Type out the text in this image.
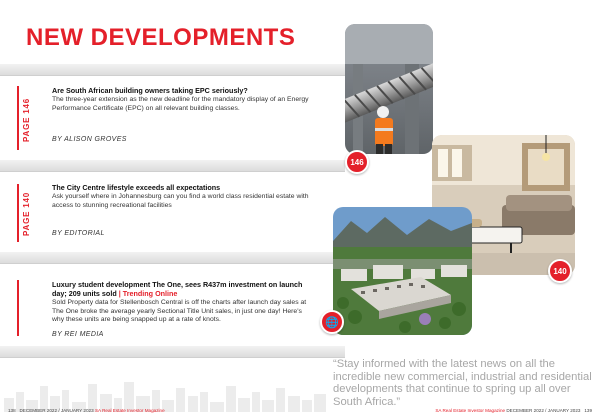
NEW DEVELOPMENTS
PAGE 146
Are South African building owners taking EPC seriously?
The three-year extension as the new deadline for the mandatory display of an Energy Performance Certificate (EPC) on all relevant building classes.
BY ALISON GROVES
PAGE 140
The City Centre lifestyle exceeds all expectations
Ask yourself where in Johannesburg can you find a world class residential estate with access to stunning recreational facilities
BY EDITORIAL
Luxury student development The One, sees R437m investment on launch day; 209 units sold | Trending Online
Sold Property data for Stellenbosch Central is off the charts after launch day sales at The One broke the average yearly Sectional Title Unit sales, in just one day! Here's why these units are being snapped up at a rate of knots.
BY REI MEDIA
146
140
🌐
“Stay informed with the latest news on all the incredible new commercial, industrial and residential developments that continue to spring up all over South Africa.”
138 DECEMBER 2022 / JANUARY 2023 SA Real Estate Investor Magazine	SA Real Estate Investor Magazine DECEMBER 2022 / JANUARY 2023 139
